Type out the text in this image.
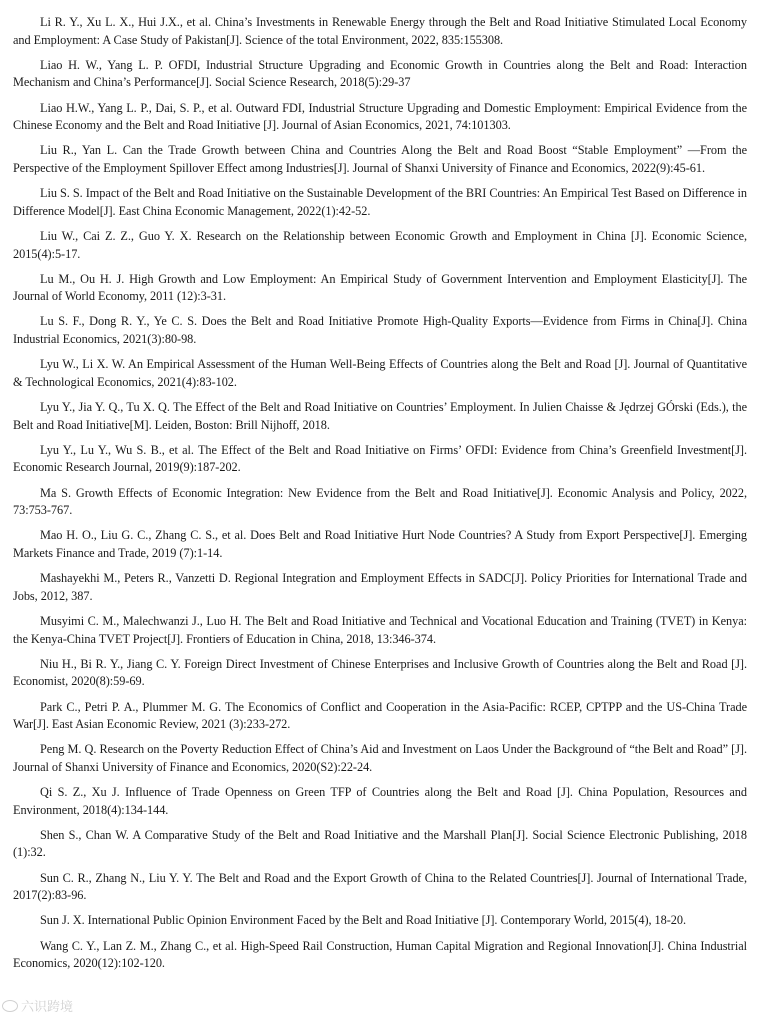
Li R. Y., Xu L. X., Hui J.X., et al. China’s Investments in Renewable Energy through the Belt and Road Initiative Stimulated Local Economy and Employment: A Case Study of Pakistan[J]. Science of the total Environment, 2022, 835:155308.

Liao H. W., Yang L. P. OFDI, Industrial Structure Upgrading and Economic Growth in Countries along the Belt and Road: Interaction Mechanism and China’s Performance[J]. Social Science Research, 2018(5):29-37

Liao H.W., Yang L. P., Dai, S. P., et al. Outward FDI, Industrial Structure Upgrading and Domestic Employment: Empirical Evidence from the Chinese Economy and the Belt and Road Initiative [J]. Journal of Asian Economics, 2021, 74:101303.

Liu R., Yan L. Can the Trade Growth between China and Countries Along the Belt and Road Boost “Stable Employment” —From the Perspective of the Employment Spillover Effect among Industries[J]. Journal of Shanxi University of Finance and Economics, 2022(9):45-61.

Liu S. S. Impact of the Belt and Road Initiative on the Sustainable Development of the BRI Countries: An Empirical Test Based on Difference in Difference Model[J]. East China Economic Management, 2022(1):42-52.

Liu W., Cai Z. Z., Guo Y. X. Research on the Relationship between Economic Growth and Employment in China [J]. Economic Science, 2015(4):5-17.

Lu M., Ou H. J. High Growth and Low Employment: An Empirical Study of Government Intervention and Employment Elasticity[J]. The Journal of World Economy, 2011 (12):3-31.

Lu S. F., Dong R. Y., Ye C. S. Does the Belt and Road Initiative Promote High-Quality Exports—Evidence from Firms in China[J]. China Industrial Economics, 2021(3):80-98.

Lyu W., Li X. W. An Empirical Assessment of the Human Well-Being Effects of Countries along the Belt and Road [J]. Journal of Quantitative & Technological Economics, 2021(4):83-102.

Lyu Y., Jia Y. Q., Tu X. Q. The Effect of the Belt and Road Initiative on Countries’ Employment. In Julien Chaisse & Jędrzej GÓrski (Eds.), the Belt and Road Initiative[M]. Leiden, Boston: Brill Nijhoff, 2018.

Lyu Y., Lu Y., Wu S. B., et al. The Effect of the Belt and Road Initiative on Firms’ OFDI: Evidence from China’s Greenfield Investment[J]. Economic Research Journal, 2019(9):187-202.

Ma S. Growth Effects of Economic Integration: New Evidence from the Belt and Road Initiative[J]. Economic Analysis and Policy, 2022, 73:753-767.

Mao H. O., Liu G. C., Zhang C. S., et al. Does Belt and Road Initiative Hurt Node Countries? A Study from Export Perspective[J]. Emerging Markets Finance and Trade, 2019 (7):1-14.

Mashayekhi M., Peters R., Vanzetti D. Regional Integration and Employment Effects in SADC[J]. Policy Priorities for International Trade and Jobs, 2012, 387.

Musyimi C. M., Malechwanzi J., Luo H. The Belt and Road Initiative and Technical and Vocational Education and Training (TVET) in Kenya: the Kenya-China TVET Project[J]. Frontiers of Education in China, 2018, 13:346-374.

Niu H., Bi R. Y., Jiang C. Y. Foreign Direct Investment of Chinese Enterprises and Inclusive Growth of Countries along the Belt and Road [J]. Economist, 2020(8):59-69.

Park C., Petri P. A., Plummer M. G. The Economics of Conflict and Cooperation in the Asia-Pacific: RCEP, CPTPP and the US-China Trade War[J]. East Asian Economic Review, 2021 (3):233-272.

Peng M. Q. Research on the Poverty Reduction Effect of China’s Aid and Investment on Laos Under the Background of “the Belt and Road” [J]. Journal of Shanxi University of Finance and Economics, 2020(S2):22-24.

Qi S. Z., Xu J. Influence of Trade Openness on Green TFP of Countries along the Belt and Road [J]. China Population, Resources and Environment, 2018(4):134-144.

Shen S., Chan W. A Comparative Study of the Belt and Road Initiative and the Marshall Plan[J]. Social Science Electronic Publishing, 2018 (1):32.

Sun C. R., Zhang N., Liu Y. Y. The Belt and Road and the Export Growth of China to the Related Countries[J]. Journal of International Trade, 2017(2):83-96.

Sun J. X. International Public Opinion Environment Faced by the Belt and Road Initiative [J]. Contemporary World, 2015(4), 18-20.

Wang C. Y., Lan Z. M., Zhang C., et al. High-Speed Rail Construction, Human Capital Migration and Regional Innovation[J]. China Industrial Economics, 2020(12):102-120.

六识跨境
